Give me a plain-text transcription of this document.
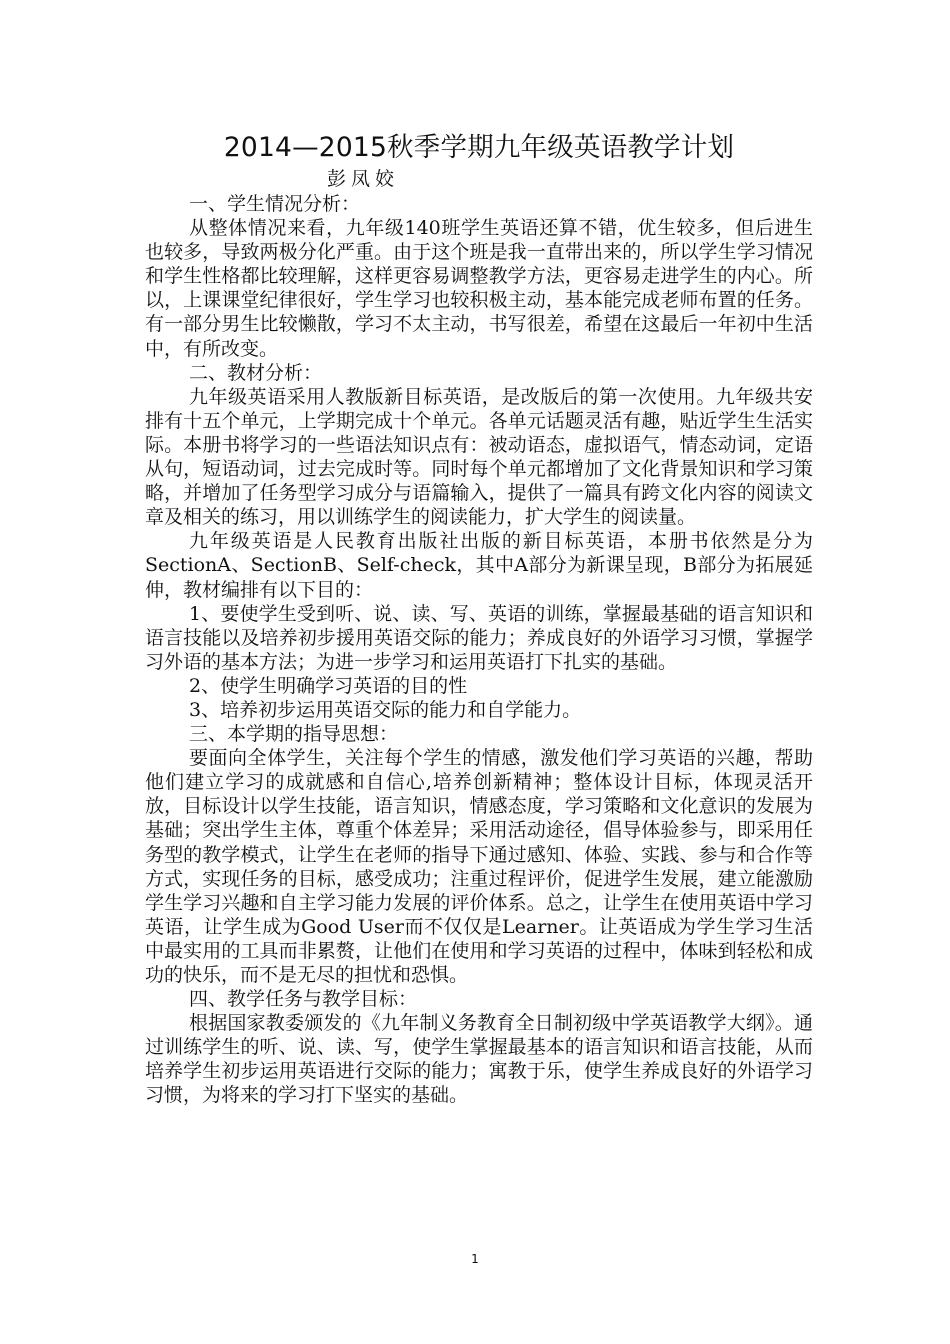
2014—2015秋季学期九年级英语教学计划
彭凤姣

一、学生情况分析：

从整体情况来看，九年级140班学生英语还算不错，优生较多，但后进生也较多，导致两极分化严重。由于这个班是我一直带出来的，所以学生学习情况和学生性格都比较理解，这样更容易调整教学方法，更容易走进学生的内心。所以，上课课堂纪律很好，学生学习也较积极主动，基本能完成老师布置的任务。有一部分男生比较懒散，学习不太主动，书写很差，希望在这最后一年初中生活中，有所改变。

二、教材分析：

九年级英语采用人教版新目标英语，是改版后的第一次使用。九年级共安排有十五个单元，上学期完成十个单元。各单元话题灵活有趣，贴近学生生活实际。本册书将学习的一些语法知识点有：被动语态，虚拟语气，情态动词，定语从句，短语动词，过去完成时等。同时每个单元都增加了文化背景知识和学习策略，并增加了任务型学习成分与语篇输入，提供了一篇具有跨文化内容的阅读文章及相关的练习，用以训练学生的阅读能力，扩大学生的阅读量。

九年级英语是人民教育出版社出版的新目标英语，本册书依然是分为SectionA、SectionB、Self-check，其中A部分为新课呈现，B部分为拓展延伸，教材编排有以下目的：

1、要使学生受到听、说、读、写、英语的训练，掌握最基础的语言知识和语言技能以及培养初步援用英语交际的能力；养成良好的外语学习习惯，掌握学习外语的基本方法；为进一步学习和运用英语打下扎实的基础。

2、使学生明确学习英语的目的性

3、培养初步运用英语交际的能力和自学能力。

三、本学期的指导思想：

要面向全体学生，关注每个学生的情感，激发他们学习英语的兴趣，帮助他们建立学习的成就感和自信心,培养创新精神；整体设计目标，体现灵活开放，目标设计以学生技能，语言知识，情感态度，学习策略和文化意识的发展为基础；突出学生主体，尊重个体差异；采用活动途径，倡导体验参与，即采用任务型的教学模式，让学生在老师的指导下通过感知、体验、实践、参与和合作等方式，实现任务的目标，感受成功；注重过程评价，促进学生发展，建立能激励学生学习兴趣和自主学习能力发展的评价体系。总之，让学生在使用英语中学习英语，让学生成为Good User而不仅仅是Learner。让英语成为学生学习生活中最实用的工具而非累赘，让他们在使用和学习英语的过程中，体味到轻松和成功的快乐，而不是无尽的担忧和恐惧。

四、教学任务与教学目标：

根据国家教委颁发的《九年制义务教育全日制初级中学英语教学大纲》。通过训练学生的听、说、读、写，使学生掌握最基本的语言知识和语言技能，从而培养学生初步运用英语进行交际的能力；寓教于乐，使学生养成良好的外语学习习惯，为将来的学习打下坚实的基础。

1
